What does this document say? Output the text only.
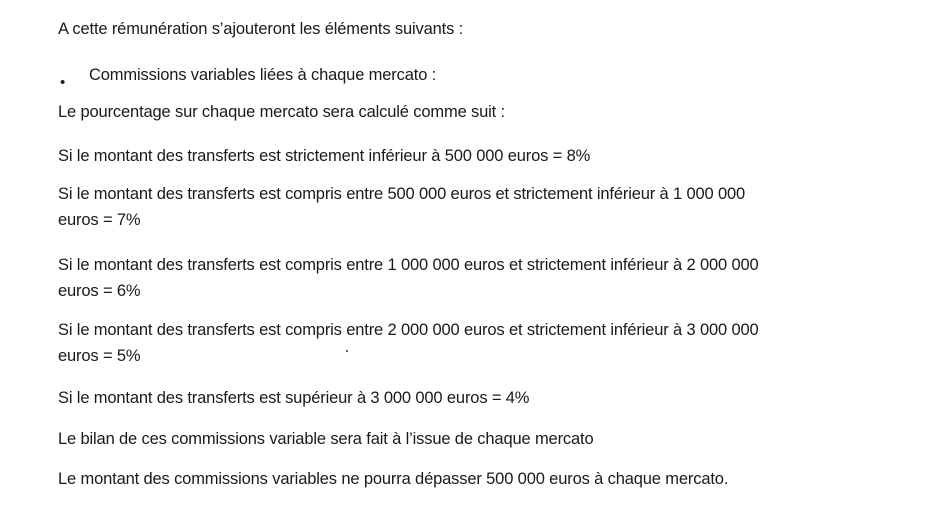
A cette rémunération s’ajouteront les éléments suivants :
• Commissions variables liées à chaque mercato :
Le pourcentage sur chaque mercato sera calculé comme suit :
Si le montant des transferts est strictement inférieur à 500 000 euros = 8%
Si le montant des transferts est compris entre 500 000 euros et strictement inférieur à 1 000 000
euros = 7%
Si le montant des transferts est compris entre 1 000 000 euros et strictement inférieur à 2 000 000
euros = 6%
Si le montant des transferts est compris entre 2 000 000 euros et strictement inférieur à 3 000 000
euros = 5%
Si le montant des transferts est supérieur à 3 000 000 euros = 4%
Le bilan de ces commissions variable sera fait à l’issue de chaque mercato
Le montant des commissions variables ne pourra dépasser 500 000 euros à chaque mercato.
